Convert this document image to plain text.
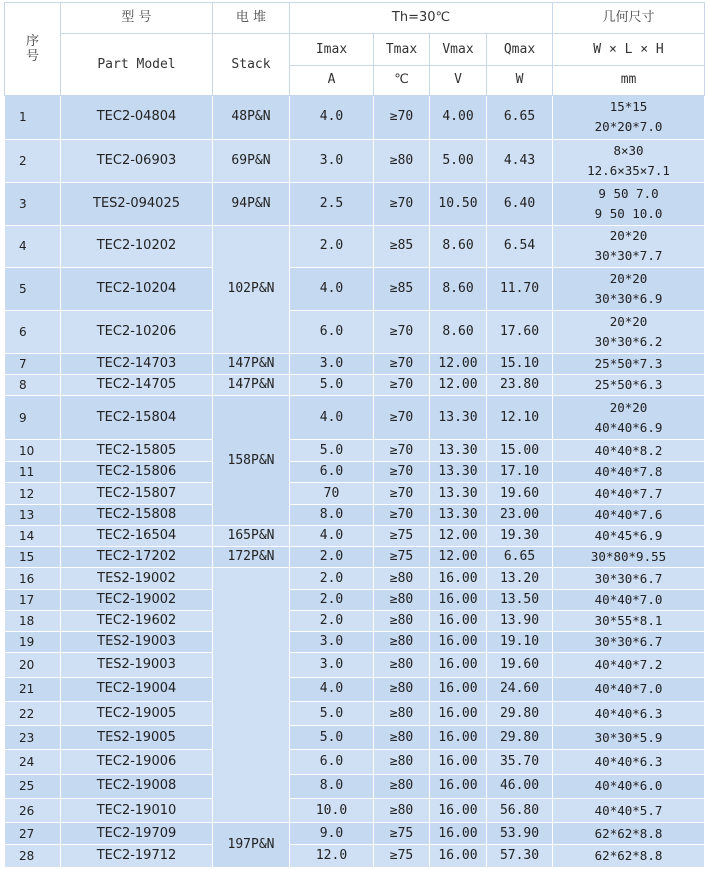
序号	型 号	电 堆	Th=30℃				几何尺寸
	Part Model	Stack	Imax	Tmax	Vmax	Qmax	W × L × H
			A	℃	V	W	mm
1	TEC2-04804	48P&N	4.0	≥70	4.00	6.65	15*15
20*20*7.0

2	TEC2-06903	69P&N	3.0	≥80	5.00	4.43	8×30
12.6×35×7.1

3	TES2-094025	94P&N	2.5	≥70	10.50	6.40	9 50 7.0
9 50 10.0

4	TEC2-10202	102P&N	2.0	≥85	8.60	6.54	20*20
30*30*7.7

5	TEC2-10204		4.0	≥85	8.60	11.70	20*20
30*30*6.9

6	TEC2-10206		6.0	≥70	8.60	17.60	20*20
30*30*6.2

7	TEC2-14703	147P&N	3.0	≥70	12.00	15.10	25*50*7.3

8	TEC2-14705	147P&N	5.0	≥70	12.00	23.80	25*50*6.3

9	TEC2-15804	158P&N	4.0	≥70	13.30	12.10	20*20
40*40*6.9

10	TEC2-15805		5.0	≥70	13.30	15.00	40*40*8.2

11	TEC2-15806		6.0	≥70	13.30	17.10	40*40*7.8

12	TEC2-15807		70	≥70	13.30	19.60	40*40*7.7

13	TEC2-15808		8.0	≥70	13.30	23.00	40*40*7.6

14	TEC2-16504	165P&N	4.0	≥75	12.00	19.30	40*45*6.9

15	TEC2-17202	172P&N	2.0	≥75	12.00	6.65	30*80*9.55

16	TES2-19002		2.0	≥80	16.00	13.20	30*30*6.7

17	TEC2-19002		2.0	≥80	16.00	13.50	40*40*7.0

18	TEC2-19602		2.0	≥80	16.00	13.90	30*55*8.1

19	TES2-19003		3.0	≥80	16.00	19.10	30*30*6.7

20	TES2-19003		3.0	≥80	16.00	19.60	40*40*7.2

21	TEC2-19004		4.0	≥80	16.00	24.60	40*40*7.0

22	TEC2-19005		5.0	≥80	16.00	29.80	40*40*6.3

23	TES2-19005		5.0	≥80	16.00	29.80	30*30*5.9

24	TEC2-19006		6.0	≥80	16.00	35.70	40*40*6.3

25	TEC2-19008		8.0	≥80	16.00	46.00	40*40*6.0

26	TEC2-19010		10.0	≥80	16.00	56.80	40*40*5.7

27	TEC2-19709	197P&N	9.0	≥75	16.00	53.90	62*62*8.8

28	TEC2-19712		12.0	≥75	16.00	57.30	62*62*8.8
